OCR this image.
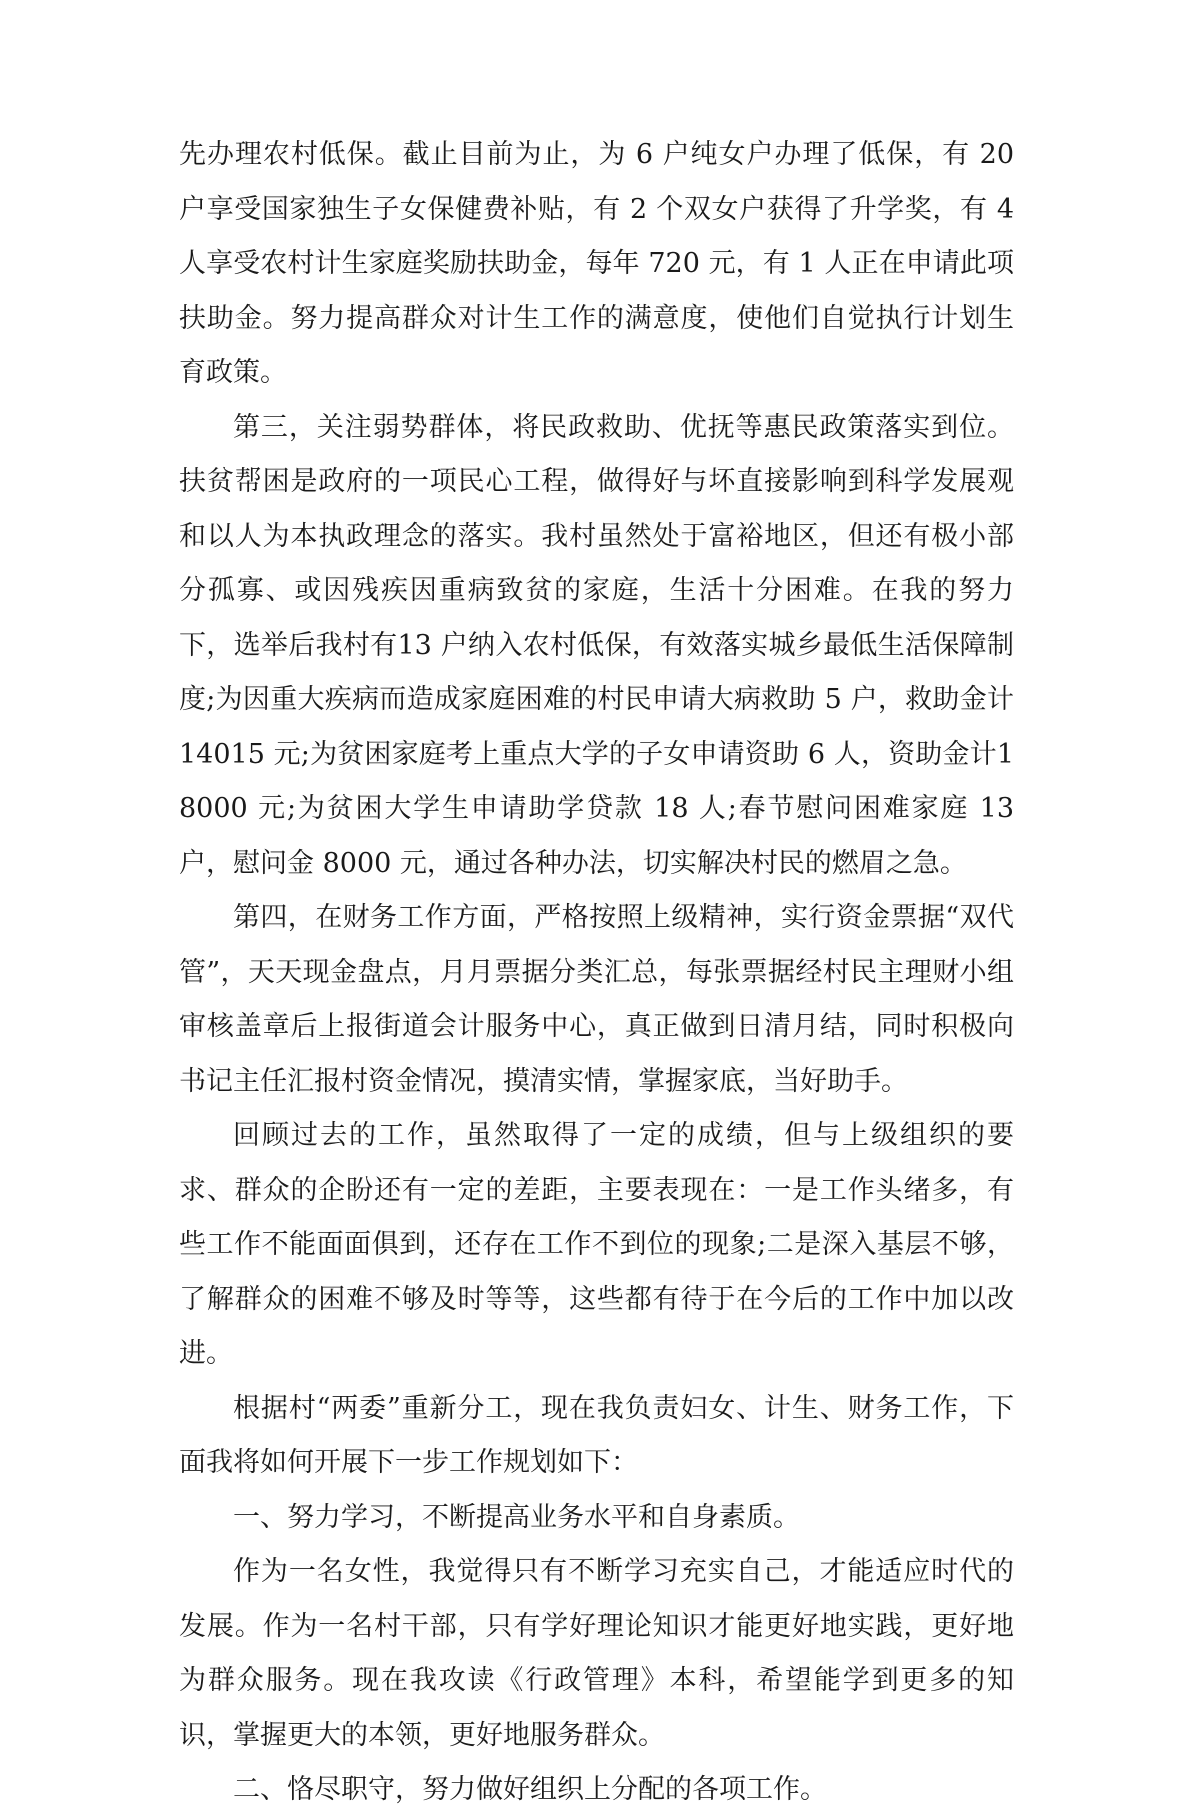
先办理农村低保。截止目前为止，为 6 户纯女户办理了低保，有 20 户享受国家独生子女保健费补贴，有 2 个双女户获得了升学奖，有 4 人享受农村计生家庭奖励扶助金，每年 720 元，有 1 人正在申请此项扶助金。努力提高群众对计生工作的满意度，使他们自觉执行计划生育政策。

第三，关注弱势群体，将民政救助、优抚等惠民政策落实到位。扶贫帮困是政府的一项民心工程，做得好与坏直接影响到科学发展观和以人为本执政理念的落实。我村虽然处于富裕地区，但还有极小部分孤寡、或因残疾因重病致贫的家庭，生活十分困难。在我的努力下，选举后我村有13 户纳入农村低保，有效落实城乡最低生活保障制度;为因重大疾病而造成家庭困难的村民申请大病救助 5 户，救助金计14015 元;为贫困家庭考上重点大学的子女申请资助 6 人，资助金计18000 元;为贫困大学生申请助学贷款 18 人;春节慰问困难家庭 13 户，慰问金 8000 元，通过各种办法，切实解决村民的燃眉之急。

第四，在财务工作方面，严格按照上级精神，实行资金票据“双代管”，天天现金盘点，月月票据分类汇总，每张票据经村民主理财小组审核盖章后上报街道会计服务中心，真正做到日清月结，同时积极向书记主任汇报村资金情况，摸清实情，掌握家底，当好助手。

回顾过去的工作，虽然取得了一定的成绩，但与上级组织的要求、群众的企盼还有一定的差距，主要表现在：一是工作头绪多，有些工作不能面面俱到，还存在工作不到位的现象;二是深入基层不够，了解群众的困难不够及时等等，这些都有待于在今后的工作中加以改进。

根据村“两委”重新分工，现在我负责妇女、计生、财务工作，下面我将如何开展下一步工作规划如下：

一、努力学习，不断提高业务水平和自身素质。

作为一名女性，我觉得只有不断学习充实自己，才能适应时代的发展。作为一名村干部，只有学好理论知识才能更好地实践，更好地为群众服务。现在我攻读《行政管理》本科，希望能学到更多的知识，掌握更大的本领，更好地服务群众。

二、恪尽职守，努力做好组织上分配的各项工作。
